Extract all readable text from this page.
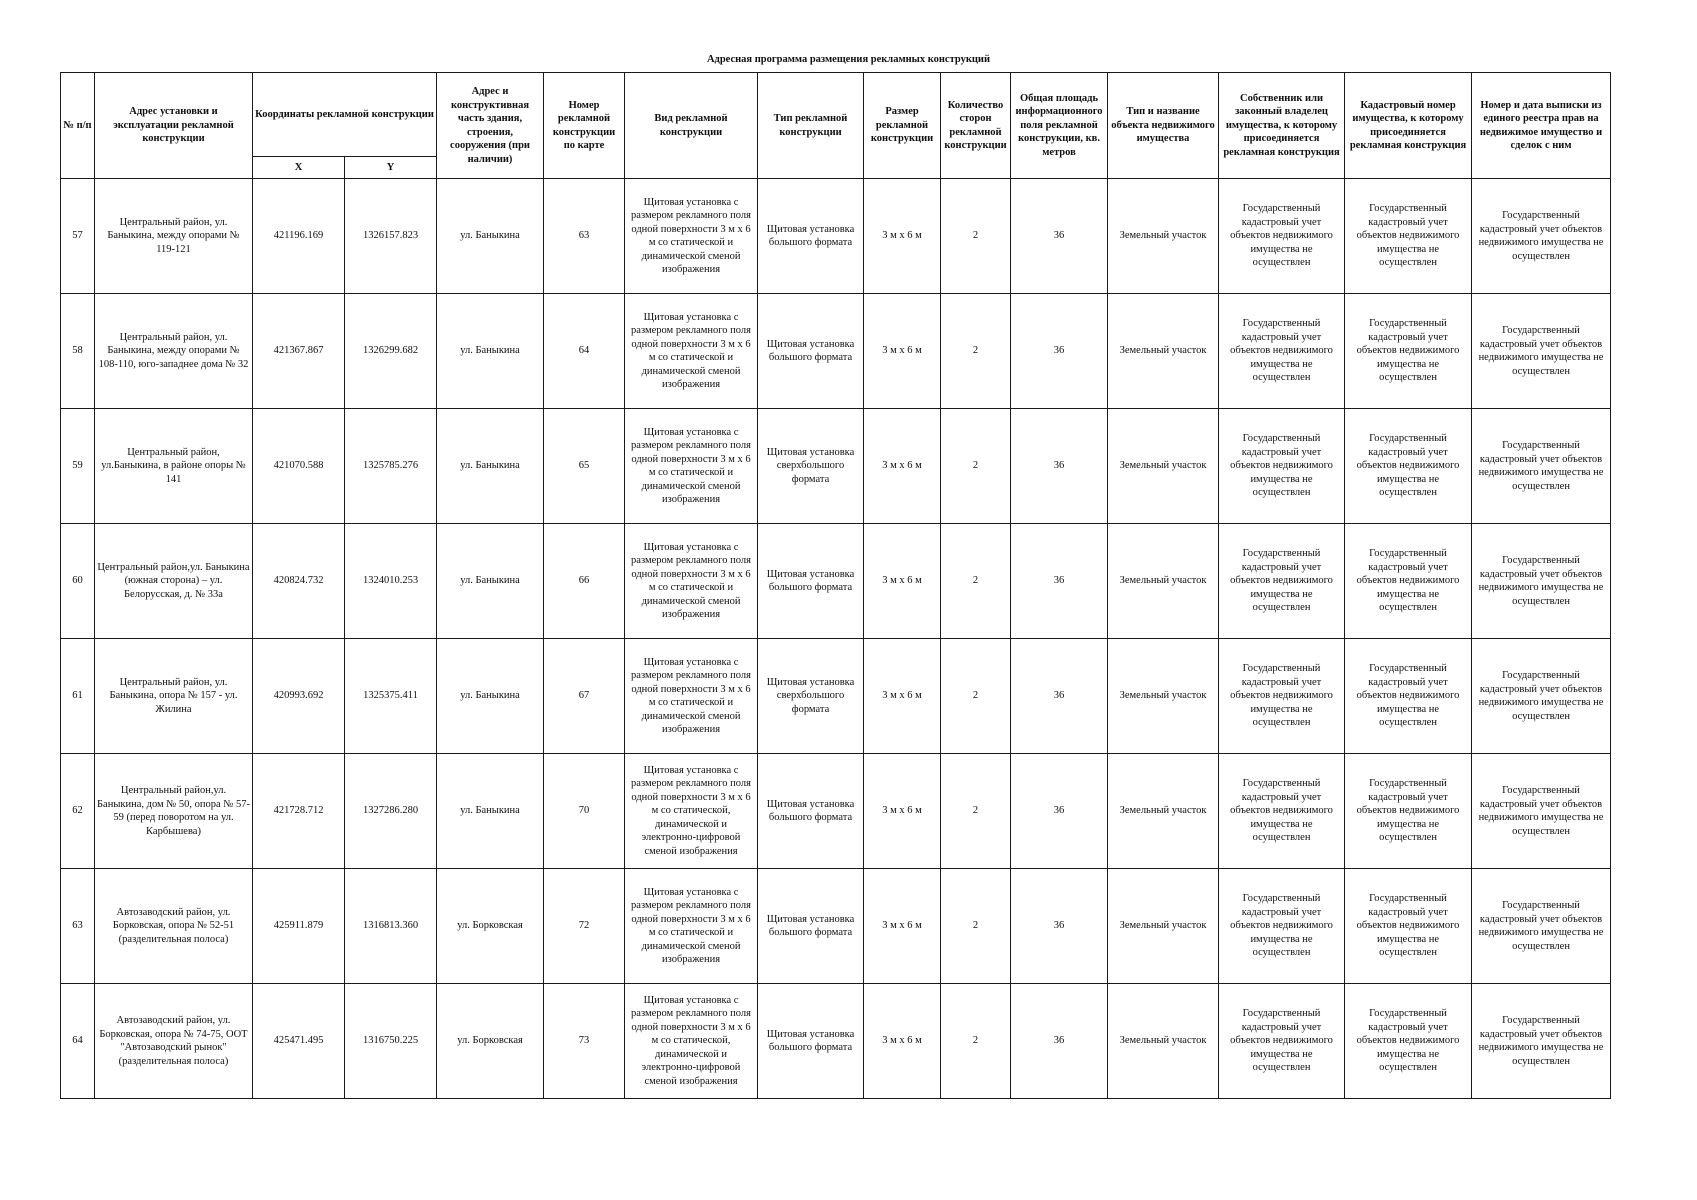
Адресная программа размещения рекламных конструкций
№ п/п	Адрес установки и эксплуатации рекламной конструкции	Координаты рекламной конструкции		Адрес и конструктивная часть здания, строения, сооружения (при наличии)	Номер рекламной конструкции по карте	Вид рекламной конструкции	Тип рекламной конструкции	Размер рекламной конструкции	Количество сторон рекламной конструкции	Общая площадь информационного поля рекламной конструкции, кв. метров	Тип и название объекта недвижимого имущества	Собственник или законный владелец имущества, к которому присоединяется рекламная конструкция	Кадастровый номер имущества, к которому присоединяется рекламная конструкция	Номер и дата выписки из единого реестра прав на недвижимое имущество и сделок с ним
		X	Y											
57	Центральный район, ул. Баныкина, между опорами № 119-121	421196.169	1326157.823	ул. Баныкина	63	Щитовая установка с размером рекламного поля одной поверхности 3 м х 6 м со статической и динамической сменой изображения	Щитовая установка большого формата	3 м х 6 м	2	36	Земельный участок	Государственный кадастровый учет объектов недвижимого имущества не осуществлен	Государственный кадастровый учет объектов недвижимого имущества не осуществлен	Государственный кадастровый учет объектов недвижимого имущества не осуществлен
58	Центральный район, ул. Баныкина, между опорами № 108-110, юго-западнее дома № 32	421367.867	1326299.682	ул. Баныкина	64	Щитовая установка с размером рекламного поля одной поверхности 3 м х 6 м со статической и динамической сменой изображения	Щитовая установка большого формата	3 м х 6 м	2	36	Земельный участок	Государственный кадастровый учет объектов недвижимого имущества не осуществлен	Государственный кадастровый учет объектов недвижимого имущества не осуществлен	Государственный кадастровый учет объектов недвижимого имущества не осуществлен
59	Центральный район, ул.Баныкина, в районе опоры № 141	421070.588	1325785.276	ул. Баныкина	65	Щитовая установка с размером рекламного поля одной поверхности 3 м х 6 м со статической и динамической сменой изображения	Щитовая установка сверхбольшого формата	3 м х 6 м	2	36	Земельный участок	Государственный кадастровый учет объектов недвижимого имущества не осуществлен	Государственный кадастровый учет объектов недвижимого имущества не осуществлен	Государственный кадастровый учет объектов недвижимого имущества не осуществлен
60	Центральный район,ул. Баныкина (южная сторона) – ул. Белорусская, д. № 33а	420824.732	1324010.253	ул. Баныкина	66	Щитовая установка с размером рекламного поля одной поверхности 3 м х 6 м со статической и динамической сменой изображения	Щитовая установка большого формата	3 м х 6 м	2	36	Земельный участок	Государственный кадастровый учет объектов недвижимого имущества не осуществлен	Государственный кадастровый учет объектов недвижимого имущества не осуществлен	Государственный кадастровый учет объектов недвижимого имущества не осуществлен
61	Центральный район, ул. Баныкина, опора № 157 - ул. Жилина	420993.692	1325375.411	ул. Баныкина	67	Щитовая установка с размером рекламного поля одной поверхности 3 м х 6 м со статической и динамической сменой изображения	Щитовая установка сверхбольшого формата	3 м х 6 м	2	36	Земельный участок	Государственный кадастровый учет объектов недвижимого имущества не осуществлен	Государственный кадастровый учет объектов недвижимого имущества не осуществлен	Государственный кадастровый учет объектов недвижимого имущества не осуществлен
62	Центральный район,ул. Баныкина, дом № 50, опора № 57-59 (перед поворотом на ул. Карбышева)	421728.712	1327286.280	ул. Баныкина	70	Щитовая установка с размером рекламного поля одной поверхности 3 м х 6 м со статической, динамической и электронно-цифровой сменой изображения	Щитовая установка большого формата	3 м х 6 м	2	36	Земельный участок	Государственный кадастровый учет объектов недвижимого имущества не осуществлен	Государственный кадастровый учет объектов недвижимого имущества не осуществлен	Государственный кадастровый учет объектов недвижимого имущества не осуществлен
63	Автозаводский район, ул. Борковская, опора № 52-51 (разделительная полоса)	425911.879	1316813.360	ул. Борковская	72	Щитовая установка с размером рекламного поля одной поверхности 3 м х 6 м со статической и динамической сменой изображения	Щитовая установка большого формата	3 м х 6 м	2	36	Земельный участок	Государственный кадастровый учет объектов недвижимого имущества не осуществлен	Государственный кадастровый учет объектов недвижимого имущества не осуществлен	Государственный кадастровый учет объектов недвижимого имущества не осуществлен
64	Автозаводский район, ул. Борковская, опора № 74-75, ООТ "Автозаводский рынок" (разделительная полоса)	425471.495	1316750.225	ул. Борковская	73	Щитовая установка с размером рекламного поля одной поверхности 3 м х 6 м со статической, динамической и электронно-цифровой сменой изображения	Щитовая установка большого формата	3 м х 6 м	2	36	Земельный участок	Государственный кадастровый учет объектов недвижимого имущества не осуществлен	Государственный кадастровый учет объектов недвижимого имущества не осуществлен	Государственный кадастровый учет объектов недвижимого имущества не осуществлен
